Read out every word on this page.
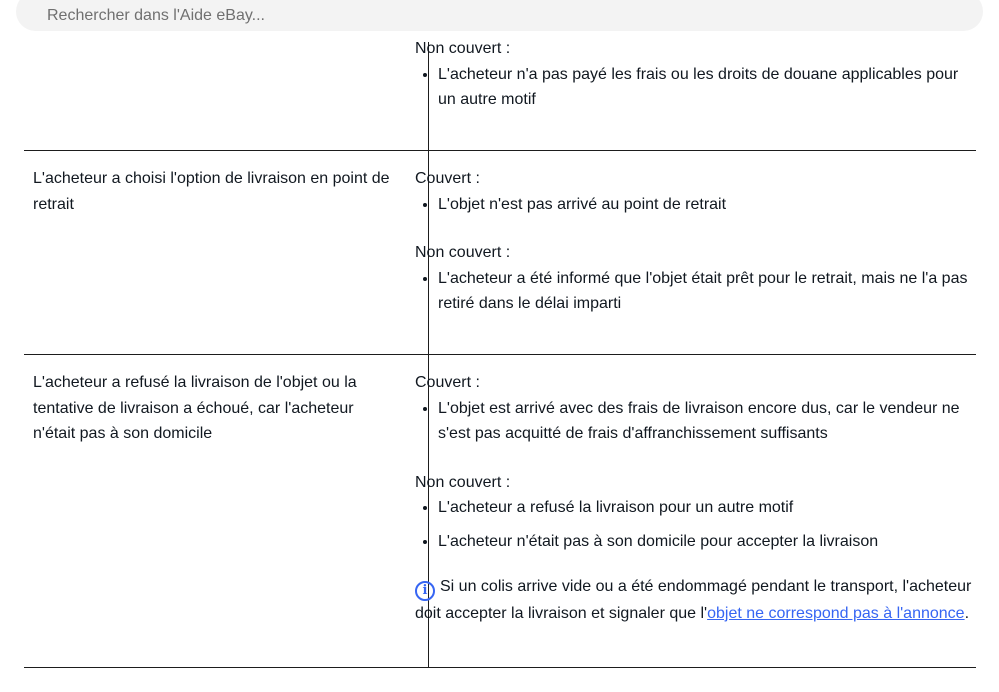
Rechercher dans l'Aide eBay...
Non couvert :
• L'acheteur n'a pas payé les frais ou les droits de douane applicables pour un autre motif
L'acheteur a choisi l'option de livraison en point de retrait
Couvert :
• L'objet n'est pas arrivé au point de retrait
Non couvert :
• L'acheteur a été informé que l'objet était prêt pour le retrait, mais ne l'a pas retiré dans le délai imparti
L'acheteur a refusé la livraison de l'objet ou la tentative de livraison a échoué, car l'acheteur n'était pas à son domicile
Couvert :
• L'objet est arrivé avec des frais de livraison encore dus, car le vendeur ne s'est pas acquitté de frais d'affranchissement suffisants
Non couvert :
• L'acheteur a refusé la livraison pour un autre motif
• L'acheteur n'était pas à son domicile pour accepter la livraison
i Si un colis arrive vide ou a été endommagé pendant le transport, l'acheteur doit accepter la livraison et signaler que l'objet ne correspond pas à l'annonce.
